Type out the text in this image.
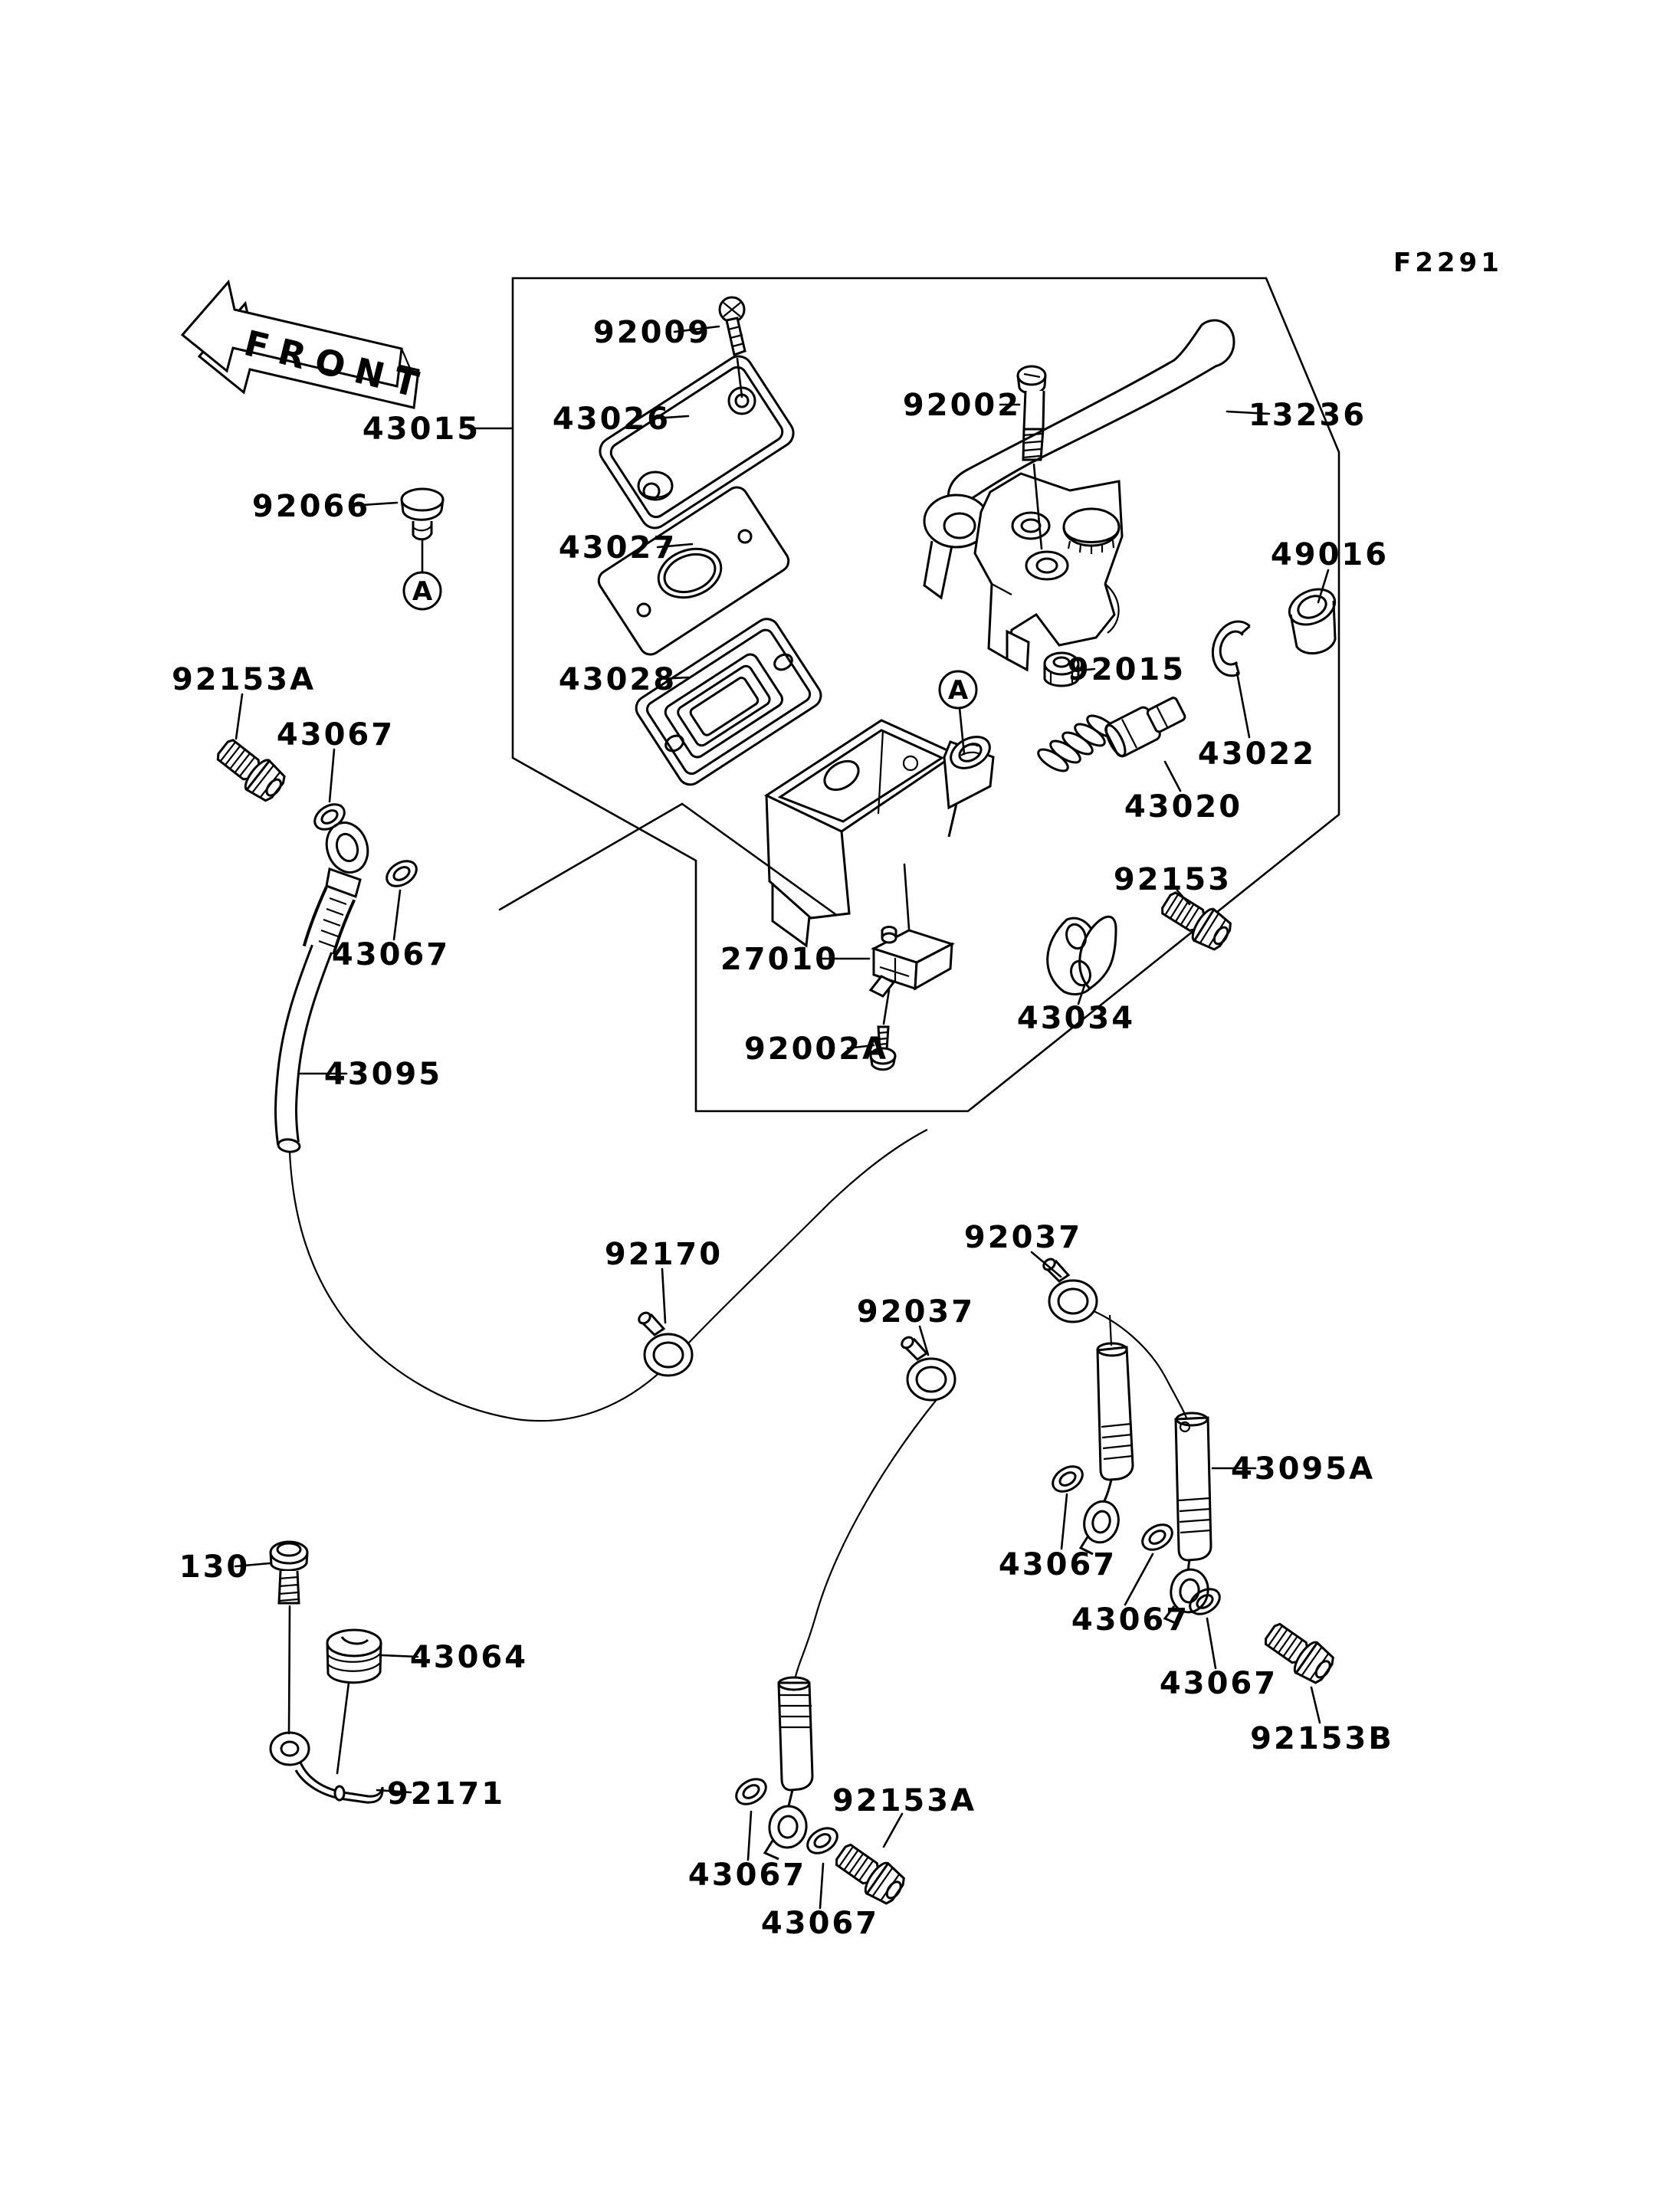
FRONT
F2291
A
A
92009
43026
43015
92002	13236
92066
43027	49016
92015
43028
92153A
43067
43022
43020
92153
43067	27010
43034
92002A
43095
92170	92037
92037
43095A
43067
43067
43067
92153B
130
43064
92171
43067
43067
92153A
